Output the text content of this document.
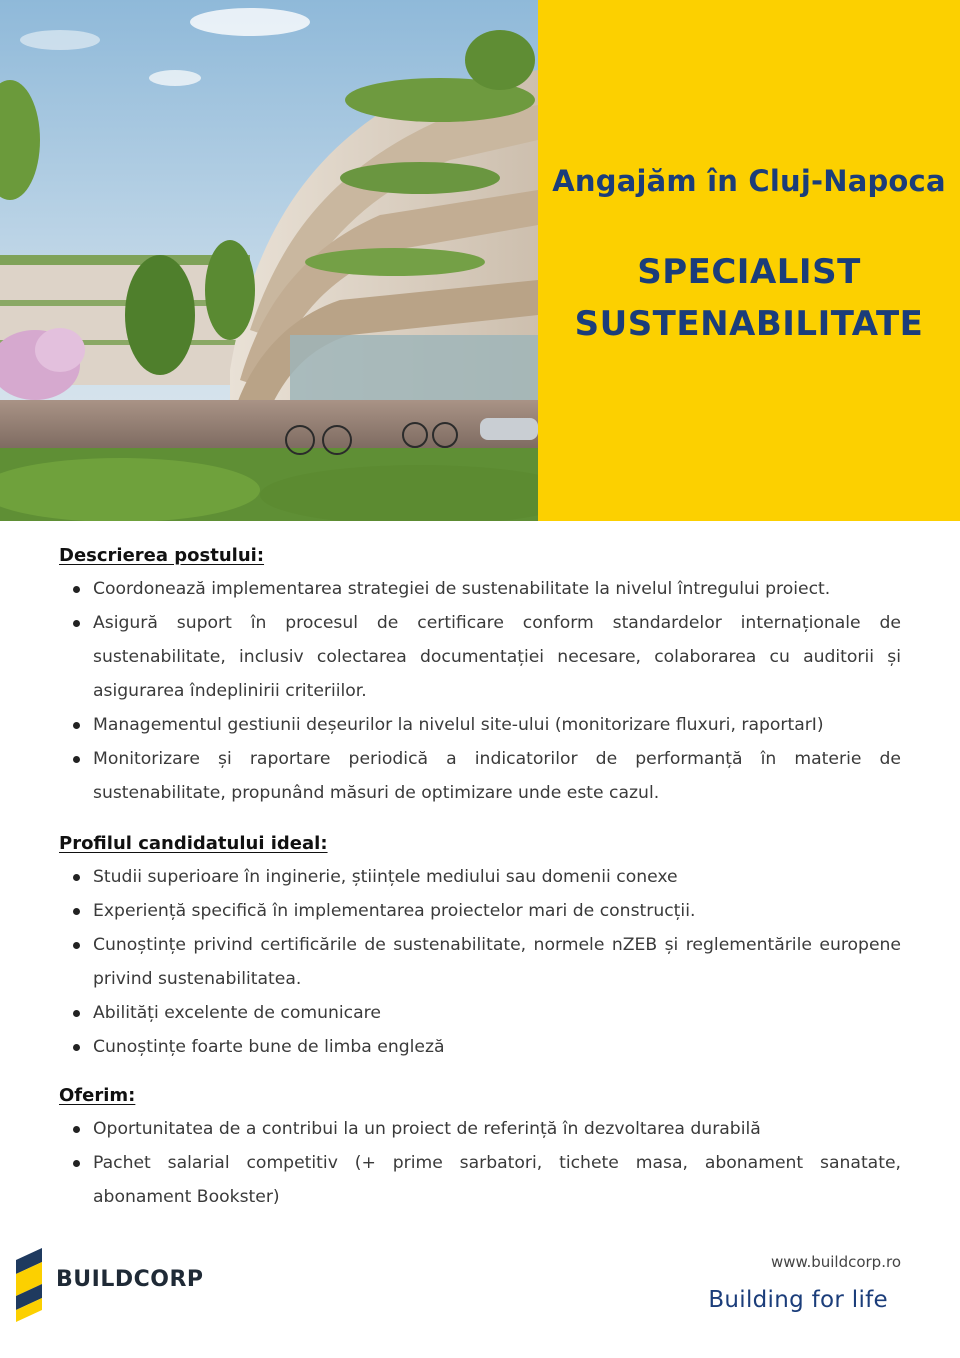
Angajăm în Cluj-Napoca
SPECIALIST
SUSTENABILITATE
Descrierea postului:
Coordonează implementarea strategiei de sustenabilitate la nivelul întregului proiect.
Asigură suport în procesul de certificare conform standardelor internaționale de sustenabilitate, inclusiv colectarea documentației necesare, colaborarea cu auditorii și asigurarea îndeplinirii criteriilor.
Managementul gestiunii deșeurilor la nivelul site-ului (monitorizare fluxuri, raportarI)
Monitorizare și raportare periodică a indicatorilor de performanță în materie de sustenabilitate, propunând măsuri de optimizare unde este cazul.
Profilul candidatului ideal:
Studii superioare în inginerie, științele mediului sau domenii conexe
Experiență specifică în implementarea proiectelor mari de construcții.
Cunoștințe privind certificările de sustenabilitate, normele nZEB și reglementările europene privind sustenabilitatea.
Abilități excelente de comunicare
Cunoștințe foarte bune de limba engleză
Oferim:
Oportunitatea de a contribui la un proiect de referință în dezvoltarea durabilă
Pachet salarial competitiv (+ prime sarbatori, tichete masa, abonament sanatate, abonament Bookster)
BUILDCORP
www.buildcorp.ro
Building for life
